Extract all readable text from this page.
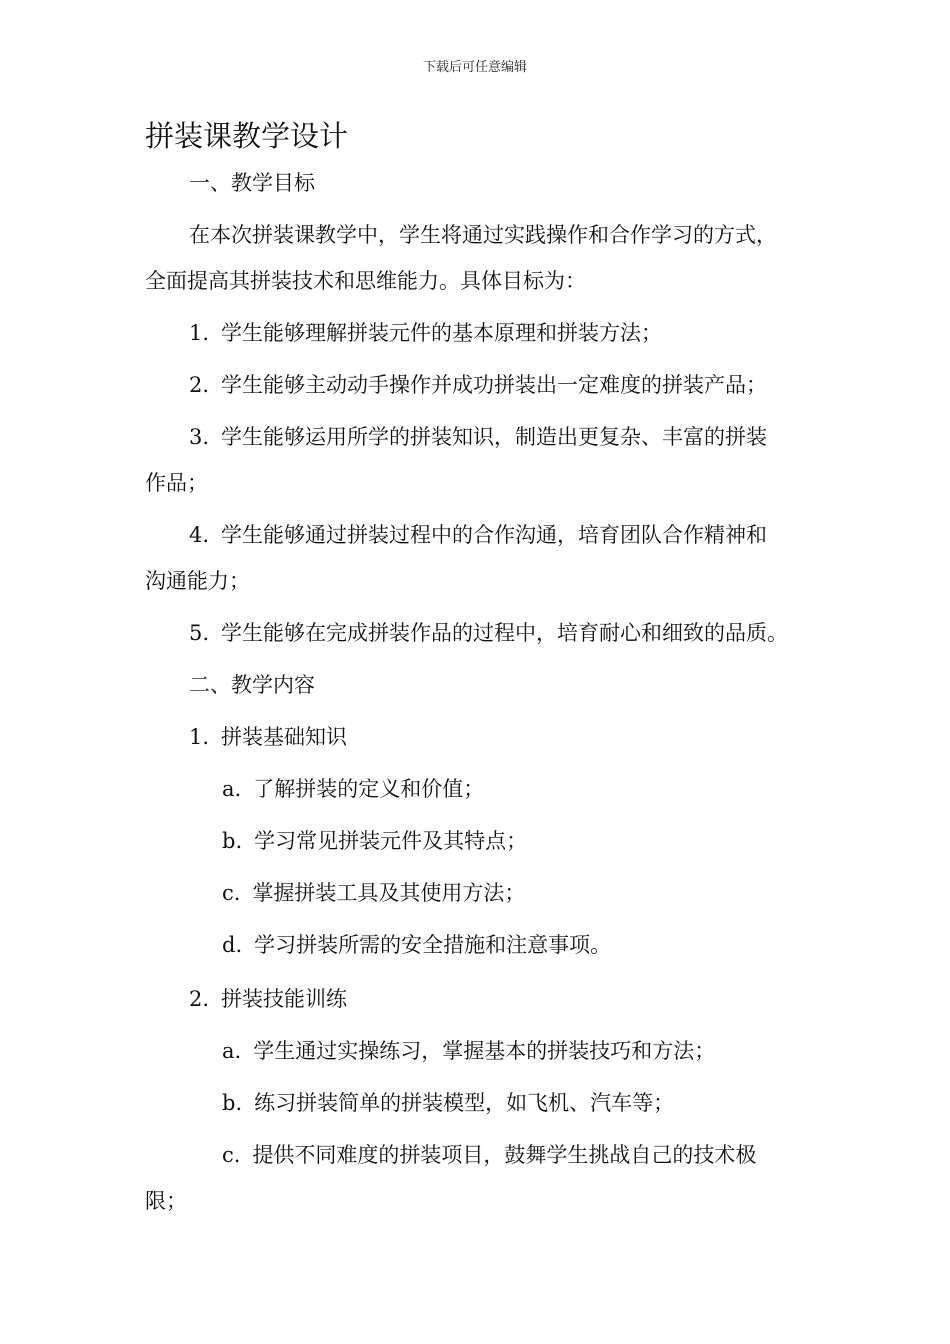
下载后可任意编辑
拼装课教学设计
一、教学目标
在本次拼装课教学中，学生将通过实践操作和合作学习的方式，
全面提高其拼装技术和思维能力。具体目标为：
1. 学生能够理解拼装元件的基本原理和拼装方法；
2. 学生能够主动动手操作并成功拼装出一定难度的拼装产品；
3. 学生能够运用所学的拼装知识，制造出更复杂、丰富的拼装
作品；
4. 学生能够通过拼装过程中的合作沟通，培育团队合作精神和
沟通能力；
5. 学生能够在完成拼装作品的过程中，培育耐心和细致的品质。
二、教学内容
1. 拼装基础知识
a. 了解拼装的定义和价值；
b. 学习常见拼装元件及其特点；
c. 掌握拼装工具及其使用方法；
d. 学习拼装所需的安全措施和注意事项。
2. 拼装技能训练
a. 学生通过实操练习，掌握基本的拼装技巧和方法；
b. 练习拼装简单的拼装模型，如飞机、汽车等；
c. 提供不同难度的拼装项目，鼓舞学生挑战自己的技术极
限；
